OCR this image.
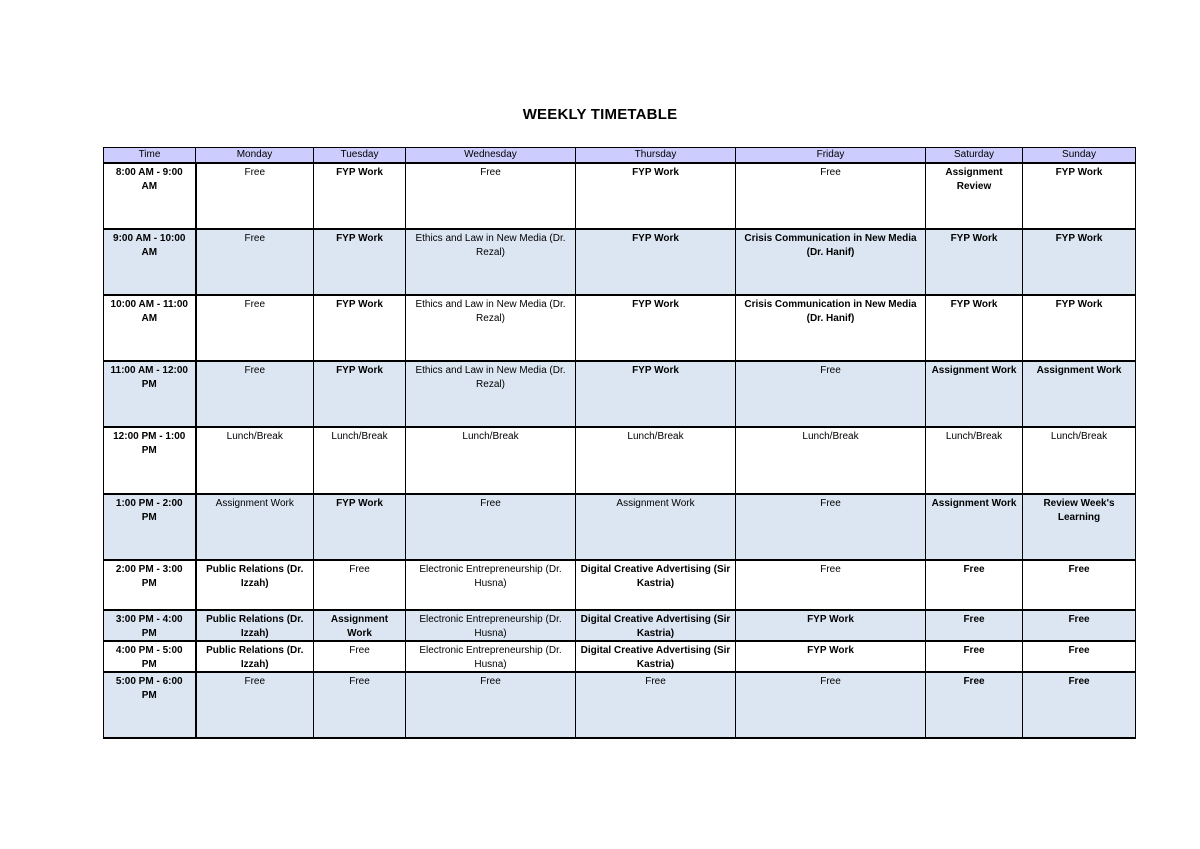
WEEKLY TIMETABLE
Time	Monday	Tuesday	Wednesday	Thursday	Friday	Saturday	Sunday
8:00 AM - 9:00 AM	Free	FYP Work	Free	FYP Work	Free	Assignment Review	FYP Work
9:00 AM - 10:00 AM	Free	FYP Work	Ethics and Law in New Media (Dr. Rezal)	FYP Work	Crisis Communication in New Media (Dr. Hanif)	FYP Work	FYP Work
10:00 AM - 11:00 AM	Free	FYP Work	Ethics and Law in New Media (Dr. Rezal)	FYP Work	Crisis Communication in New Media (Dr. Hanif)	FYP Work	FYP Work
11:00 AM - 12:00 PM	Free	FYP Work	Ethics and Law in New Media (Dr. Rezal)	FYP Work	Free	Assignment Work	Assignment Work
12:00 PM - 1:00 PM	Lunch/Break	Lunch/Break	Lunch/Break	Lunch/Break	Lunch/Break	Lunch/Break	Lunch/Break
1:00 PM - 2:00 PM	Assignment Work	FYP Work	Free	Assignment Work	Free	Assignment Work	Review Week's Learning
2:00 PM - 3:00 PM	Public Relations (Dr. Izzah)	Free	Electronic Entrepreneurship (Dr. Husna)	Digital Creative Advertising (Sir Kastria)	Free	Free	Free
3:00 PM - 4:00 PM	Public Relations (Dr. Izzah)	Assignment Work	Electronic Entrepreneurship (Dr. Husna)	Digital Creative Advertising (Sir Kastria)	FYP Work	Free	Free
4:00 PM - 5:00 PM	Public Relations (Dr. Izzah)	Free	Electronic Entrepreneurship (Dr. Husna)	Digital Creative Advertising (Sir Kastria)	FYP Work	Free	Free
5:00 PM - 6:00 PM	Free	Free	Free	Free	Free	Free	Free
